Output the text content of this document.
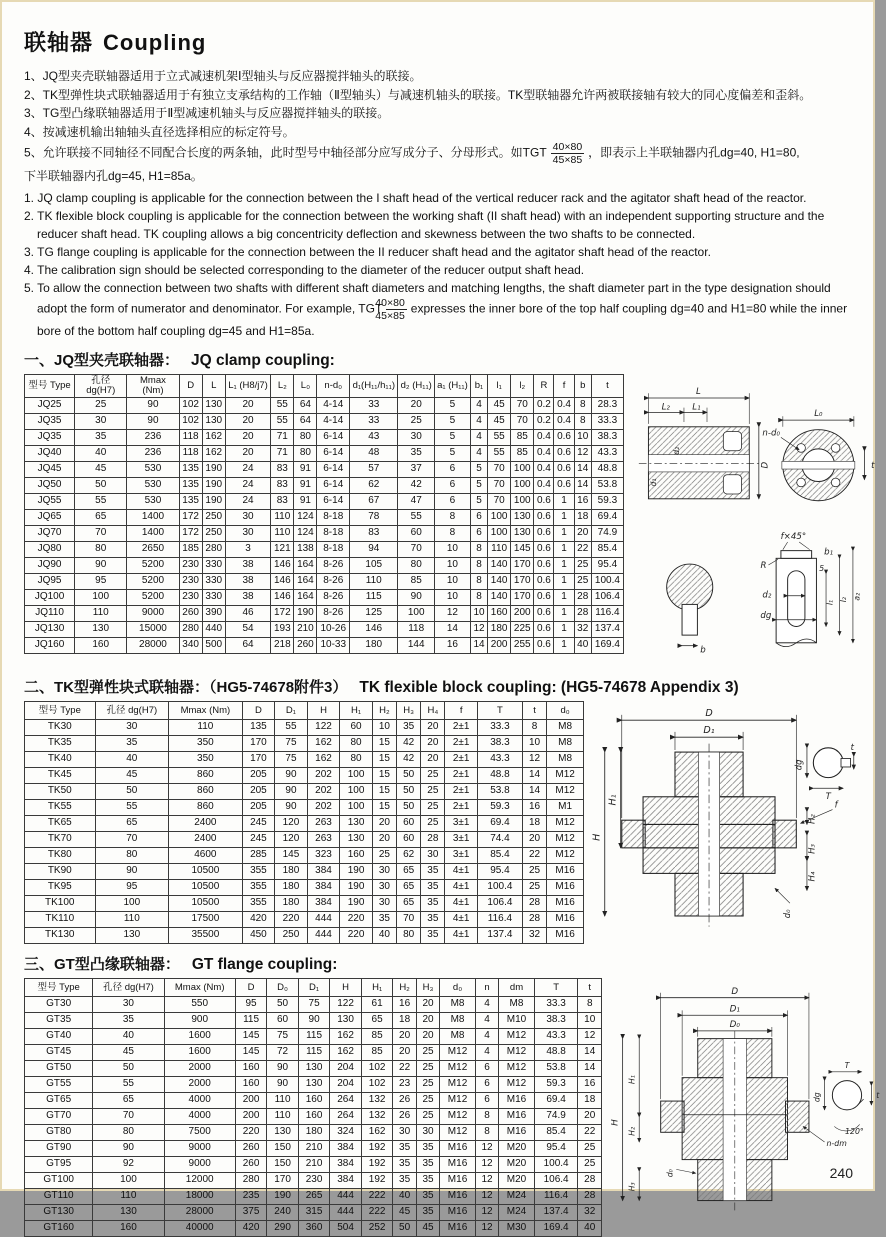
联轴器 Coupling

1、JQ型夹壳联轴器适用于立式减速机架Ⅰ型轴头与反应器搅拌轴头的联接。

2、TK型弹性块式联轴器适用于有独立支承结构的工作轴（Ⅱ型轴头）与减速机轴头的联接。TK型联轴器允许两被联接轴有较大的同心度偏差和歪斜。

3、TG型凸缘联轴器适用于Ⅱ型减速机轴头与反应器搅拌轴头的联接。

4、按减速机输出轴轴头直径选择相应的标定符号。

5、允许联接不同轴径不同配合长度的两条轴，此时型号中轴径部分应写成分子、分母形式。如TGT $\frac{40\times 80}{45\times 85}$ ，即表示上半联轴器内孔dg=40, H1=80,

下半联轴器内孔dg=45, H1=85a。

1. JQ clamp coupling is applicable for the connection between the I shaft head of the vertical reducer rack and the agitator shaft head of the reactor.

2. TK flexible block coupling is applicable for the connection between the working shaft (II shaft head) with an independent supporting structure and the reducer shaft head. TK coupling allows a big concentricity deflection and skewness between the two shafts to be connected.

3. TG flange coupling is applicable for the connection between the II reducer shaft head and the agitator shaft head of the reactor.

4. The calibration sign should be selected corresponding to the diameter of the reducer output shaft head.

5. To allow the connection between two shafts with different shaft diameters and matching lengths, the shaft diameter part in the type designation should adopt the form of numerator and denominator. For example, TGT $\frac{40\times 80}{45\times 85}$ expresses the inner bore of the top half coupling dg=40 and H1=80 while the inner bore of the bottom half coupling dg=45 and H1=85a.

一、JQ型夹壳联轴器： JQ clamp coupling:
型号 Type	孔径 dg(H7)	Mmax (Nm)	D	L	L₁ (H8/j7)	L₂	L₀	n-d₀	d₁(H₁₁/h₁₁)	d₂ (H₁₁)	a₁ (H₁₁)	b₁	l₁	l₂	R	f	b	t
JQ25	25	90	102	130	20	55	64	4-14	33	20	5	4	45	70	0.2	0.4	8	28.3
JQ35	30	90	102	130	20	55	64	4-14	33	25	5	4	45	70	0.2	0.4	8	33.3
JQ35	35	236	118	162	20	71	80	6-14	43	30	5	4	55	85	0.4	0.6	10	38.3
JQ40	40	236	118	162	20	71	80	6-14	48	35	5	4	55	85	0.4	0.6	12	43.3
JQ45	45	530	135	190	24	83	91	6-14	57	37	6	5	70	100	0.4	0.6	14	48.8
JQ50	50	530	135	190	24	83	91	6-14	62	42	6	5	70	100	0.4	0.6	14	53.8
JQ55	55	530	135	190	24	83	91	6-14	67	47	6	5	70	100	0.6	1	16	59.3
JQ65	65	1400	172	250	30	110	124	8-18	78	55	8	6	100	130	0.6	1	18	69.4
JQ70	70	1400	172	250	30	110	124	8-18	83	60	8	6	100	130	0.6	1	20	74.9
JQ80	80	2650	185	280	3	121	138	8-18	94	70	10	8	110	145	0.6	1	22	85.4
JQ90	90	5200	230	330	38	146	164	8-26	105	80	10	8	140	170	0.6	1	25	95.4
JQ95	95	5200	230	330	38	146	164	8-26	110	85	10	8	140	170	0.6	1	25	100.4
JQ100	100	5200	230	330	38	146	164	8-26	115	90	10	8	140	170	0.6	1	28	106.4
JQ110	110	9000	260	390	46	172	190	8-26	125	100	12	10	160	200	0.6	1	28	116.4
JQ130	130	15000	280	440	54	193	210	10-26	146	118	14	12	180	225	0.6	1	32	137.4
JQ160	160	28000	340	500	64	218	260	10-33	180	144	16	14	200	255	0.6	1	40	169.4
L
L₂ L₁
D
d₂
d₁
L₀
n-d₀
t
b
f×45°
b₁
R
d₂
dg
5
l₁
l₂ a₂
二、TK型弹性块式联轴器：（HG5-74678附件3） TK flexible block coupling: (HG5-74678 Appendix 3)
型号 Type	孔径 dg(H7)	Mmax (Nm)	D	D₁	H	H₁	H₂	H₃	H₄	f	T	t	d₀
TK30	30	110	135	55	122	60	10	35	20	2±1	33.3	8	M8
TK35	35	350	170	75	162	80	15	42	20	2±1	38.3	10	M8
TK40	40	350	170	75	162	80	15	42	20	2±1	43.3	12	M8
TK45	45	860	205	90	202	100	15	50	25	2±1	48.8	14	M12
TK50	50	860	205	90	202	100	15	50	25	2±1	53.8	14	M12
TK55	55	860	205	90	202	100	15	50	25	2±1	59.3	16	M1
TK65	65	2400	245	120	263	130	20	60	25	3±1	69.4	18	M12
TK70	70	2400	245	120	263	130	20	60	28	3±1	74.4	20	M12
TK80	80	4600	285	145	323	160	25	62	30	3±1	85.4	22	M12
TK90	90	10500	355	180	384	190	30	65	35	4±1	95.4	25	M16
TK95	95	10500	355	180	384	190	30	65	35	4±1	100.4	25	M16
TK100	100	10500	355	180	384	190	30	65	35	4±1	106.4	28	M16
TK110	110	17500	420	220	444	220	35	70	35	4±1	116.4	28	M16
TK130	130	35500	450	250	444	220	40	80	35	4±1	137.4	32	M16
D
D₁
H
H₁
H₂
f
H₃
H₄
d₀
dg
T
t
三、GT型凸缘联轴器： GT flange coupling:
型号 Type	孔径 dg(H7)	Mmax (Nm)	D	D₀	D₁	H	H₁	H₂	H₃	d₀	n	dm	T	t
GT30	30	550	95	50	75	122	61	16	20	M8	4	M8	33.3	8
GT35	35	900	115	60	90	130	65	18	20	M8	4	M10	38.3	10
GT40	40	1600	145	75	115	162	85	20	20	M8	4	M12	43.3	12
GT45	45	1600	145	72	115	162	85	20	25	M12	4	M12	48.8	14
GT50	50	2000	160	90	130	204	102	22	25	M12	6	M12	53.8	14
GT55	55	2000	160	90	130	204	102	23	25	M12	6	M12	59.3	16
GT65	65	4000	200	110	160	264	132	26	25	M12	6	M16	69.4	18
GT70	70	4000	200	110	160	264	132	26	25	M12	8	M16	74.9	20
GT80	80	7500	220	130	180	324	162	30	30	M12	8	M16	85.4	22
GT90	90	9000	260	150	210	384	192	35	35	M16	12	M20	95.4	25
GT95	92	9000	260	150	210	384	192	35	35	M16	12	M20	100.4	25
GT100	100	12000	280	170	230	384	192	35	35	M16	12	M20	106.4	28
GT110	110	18000	235	190	265	444	222	40	35	M16	12	M24	116.4	28
GT130	130	28000	375	240	315	444	222	45	35	M16	12	M24	137.4	32
GT160	160	40000	420	290	360	504	252	50	45	M16	12	M30	169.4	40
D
D₁
D₀
H
H₁
H₂
d₀
H₃
n-dm
T
dg	t
120°
240
